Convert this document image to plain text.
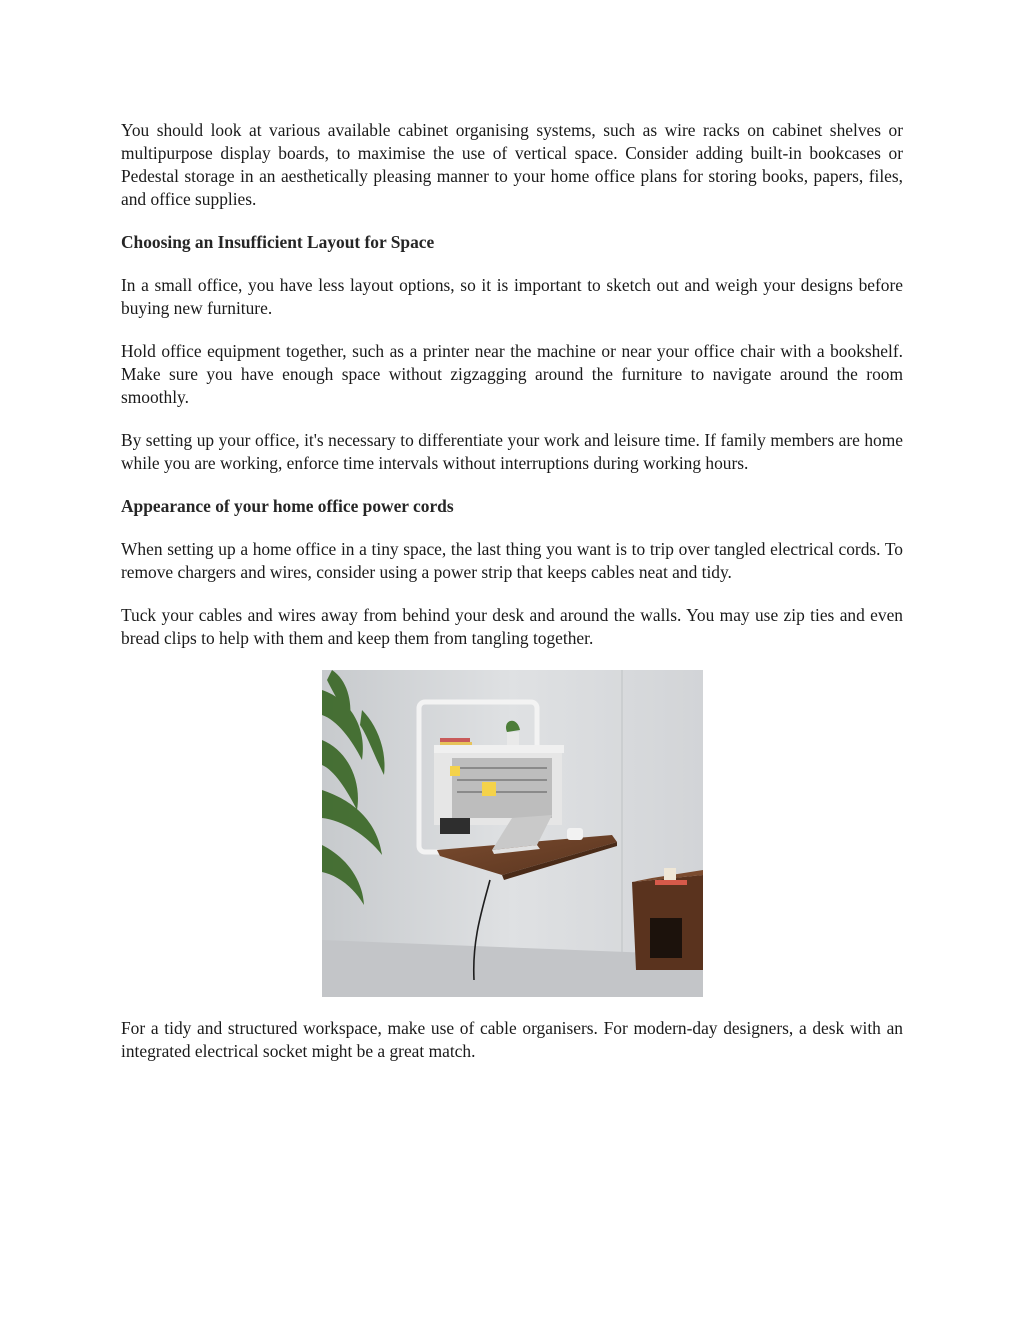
You should look at various available cabinet organising systems, such as wire racks on cabinet shelves or multipurpose display boards, to maximise the use of vertical space. Consider adding built-in bookcases or Pedestal storage in an aesthetically pleasing manner to your home office plans for storing books, papers, files, and office supplies.

Choosing an Insufficient Layout for Space

In a small office, you have less layout options, so it is important to sketch out and weigh your designs before buying new furniture.

Hold office equipment together, such as a printer near the machine or near your office chair with a bookshelf. Make sure you have enough space without zigzagging around the furniture to navigate around the room smoothly.

By setting up your office, it's necessary to differentiate your work and leisure time. If family members are home while you are working, enforce time intervals without interruptions during working hours.

Appearance of your home office power cords

When setting up a home office in a tiny space, the last thing you want is to trip over tangled electrical cords. To remove chargers and wires, consider using a power strip that keeps cables neat and tidy.

Tuck your cables and wires away from behind your desk and around the walls. You may use zip ties and even bread clips to help with them and keep them from tangling together.

For a tidy and structured workspace, make use of cable organisers. For modern-day designers, a desk with an integrated electrical socket might be a great match.
